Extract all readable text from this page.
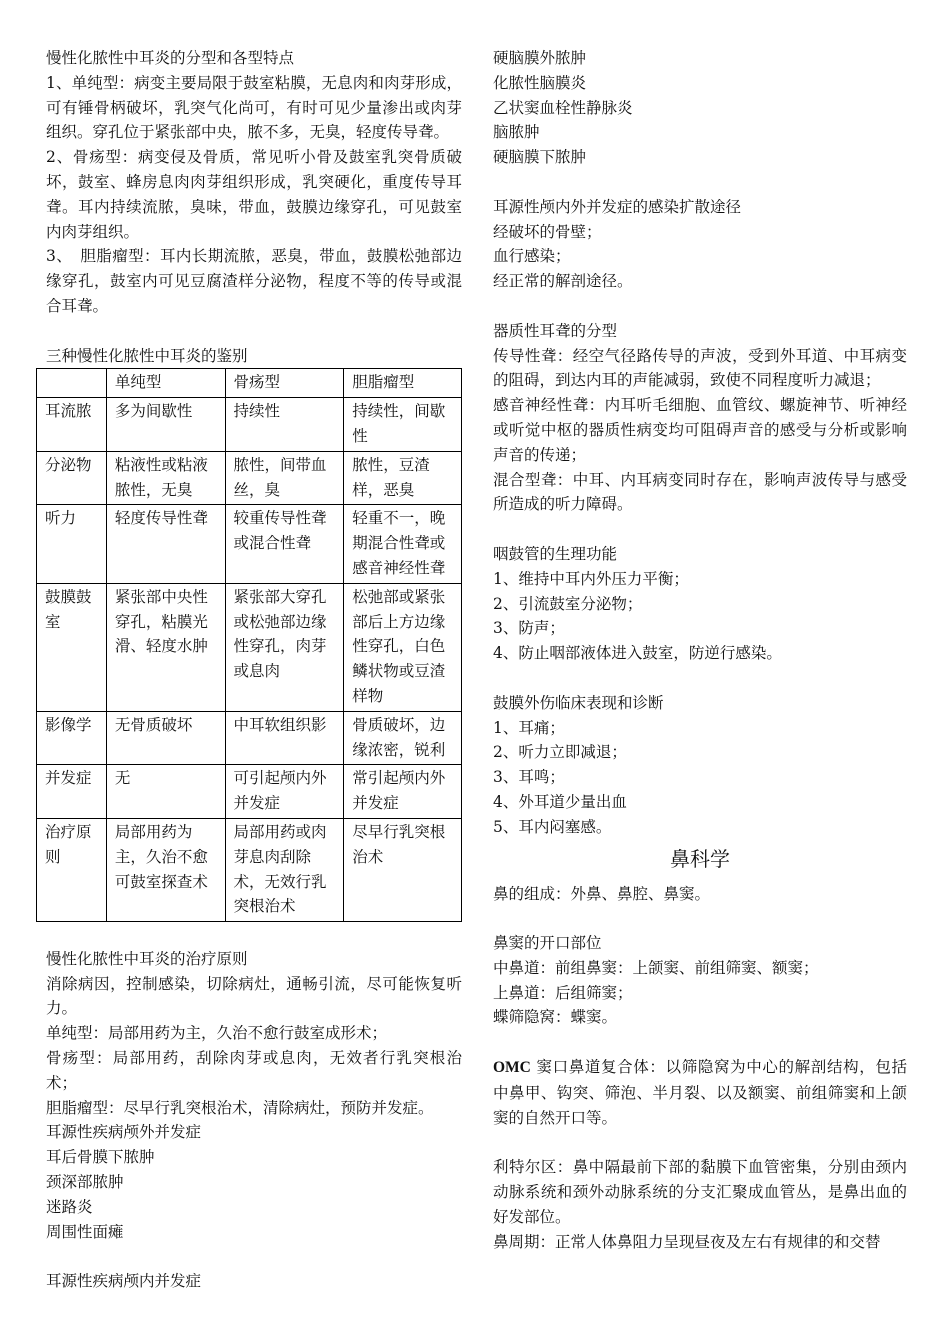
慢性化脓性中耳炎的分型和各型特点

1、单纯型：病变主要局限于鼓室粘膜，无息肉和肉芽形成，可有锤骨柄破坏，乳突气化尚可，有时可见少量渗出或肉芽组织。穿孔位于紧张部中央，脓不多，无臭，轻度传导聋。

2、骨疡型：病变侵及骨质，常见听小骨及鼓室乳突骨质破坏，鼓室、蜂房息肉肉芽组织形成，乳突硬化，重度传导耳聋。耳内持续流脓，臭味，带血，鼓膜边缘穿孔，可见鼓室内肉芽组织。

3、　胆脂瘤型：耳内长期流脓，恶臭，带血，鼓膜松弛部边缘穿孔，鼓室内可见豆腐渣样分泌物，程度不等的传导或混合耳聋。

三种慢性化脓性中耳炎的鉴别

	单纯型	骨疡型	胆脂瘤型
耳流脓	多为间歇性	持续性	持续性，间歇性
分泌物	粘液性或粘液脓性，无臭	脓性，间带血丝，臭	脓性，豆渣样，恶臭
听力	轻度传导性聋	较重传导性聋或混合性聋	轻重不一，晚期混合性聋或感音神经性聋
鼓膜鼓室	紧张部中央性穿孔，粘膜光滑、轻度水肿	紧张部大穿孔或松弛部边缘性穿孔，肉芽或息肉	松弛部或紧张部后上方边缘性穿孔，白色鳞状物或豆渣样物
影像学	无骨质破坏	中耳软组织影	骨质破坏，边缘浓密，锐利
并发症	无	可引起颅内外并发症	常引起颅内外并发症
治疗原则	局部用药为主，久治不愈可鼓室探查术	局部用药或肉芽息肉刮除术，无效行乳突根治术	尽早行乳突根治术

慢性化脓性中耳炎的治疗原则

消除病因，控制感染，切除病灶，通畅引流，尽可能恢复听力。

单纯型：局部用药为主，久治不愈行鼓室成形术；

骨疡型：局部用药，刮除肉芽或息肉，无效者行乳突根治术；

胆脂瘤型：尽早行乳突根治术，清除病灶，预防并发症。

耳源性疾病颅外并发症

耳后骨膜下脓肿

颈深部脓肿

迷路炎

周围性面瘫

耳源性疾病颅内并发症

硬脑膜外脓肿

化脓性脑膜炎

乙状窦血栓性静脉炎

脑脓肿

硬脑膜下脓肿

耳源性颅内外并发症的感染扩散途径

经破坏的骨壁；

血行感染；

经正常的解剖途径。

器质性耳聋的分型

传导性聋：经空气径路传导的声波，受到外耳道、中耳病变的阻碍，到达内耳的声能减弱，致使不同程度听力减退；

感音神经性聋：内耳听毛细胞、血管纹、螺旋神节、听神经或听觉中枢的器质性病变均可阻碍声音的感受与分析或影响声音的传递；

混合型聋：中耳、内耳病变同时存在，影响声波传导与感受所造成的听力障碍。

咽鼓管的生理功能

1、维持中耳内外压力平衡；

2、引流鼓室分泌物；

3、防声；

4、防止咽部液体进入鼓室，防逆行感染。

鼓膜外伤临床表现和诊断

1、耳痛；

2、听力立即减退；

3、耳鸣；

4、外耳道少量出血

5、耳内闷塞感。

鼻科学

鼻的组成：外鼻、鼻腔、鼻窦。

鼻窦的开口部位

中鼻道：前组鼻窦：上颌窦、前组筛窦、额窦；

上鼻道：后组筛窦；

蝶筛隐窝：蝶窦。

OMC 窦口鼻道复合体：以筛隐窝为中心的解剖结构，包括中鼻甲、钩突、筛泡、半月裂、以及额窦、前组筛窦和上颌窦的自然开口等。

利特尔区：鼻中隔最前下部的黏膜下血管密集，分别由颈内动脉系统和颈外动脉系统的分支汇聚成血管丛，是鼻出血的好发部位。

鼻周期：正常人体鼻阻力呈现昼夜及左右有规律的和交替
